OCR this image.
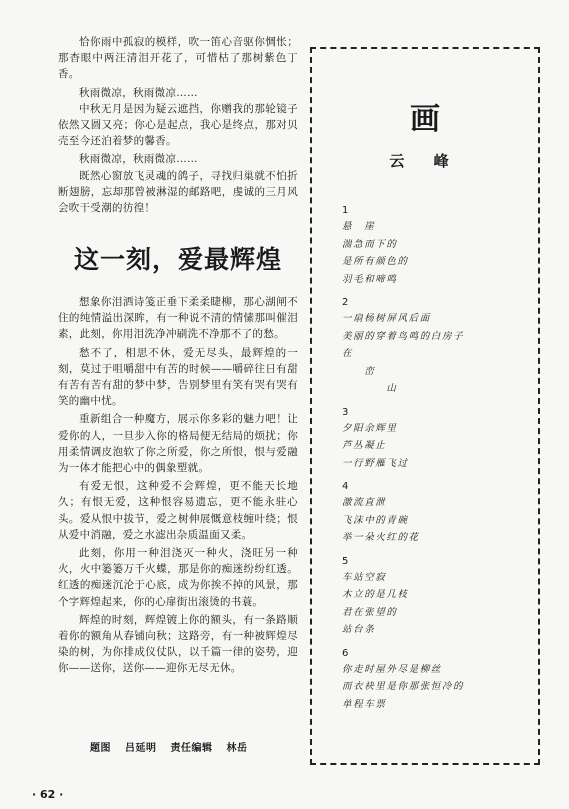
恰你雨中孤寂的模样，吹一笛心音驱你惆怅；那杳眼中两汪清泪开花了，可惜枯了那树紫色丁香。

秋雨微凉，秋雨微凉……

中秋无月是因为疑云遮挡，你赠我的那轮镜子依然又圆又亮；你心是起点，我心是终点，那对贝壳至今还泊着梦的馨香。

秋雨微凉，秋雨微凉……

既然心窗放飞灵魂的鸽子，寻找归巢就不怕折断翅膀，忘却那曾被淋湿的邮路吧，虔诚的三月风会吹干受潮的彷徨！

这一刻，爱最辉煌

想象你泪洒诗笺正垂下柔柔睫柳，那心湖闸不住的纯情溢出深眸，有一种说不清的情愫那叫催泪素，此刻，你用泪洗净冲刷洗不净那不了的愁。

愁不了，相思不休，爱无尽头，最辉煌的一刻，莫过于咀嚼甜中有苦的时候——嚼碎往日有甜有苦有苦有甜的梦中梦，告别梦里有笑有哭有哭有笑的幽中忧。

重新组合一种魔方，展示你多彩的魅力吧！让爱你的人，一旦步入你的格局便无结局的烦扰；你用柔情调皮泡软了你之所爱，你之所恨，恨与爱融为一体才能把心中的偶象塑就。

有爱无恨，这种爱不会辉煌，更不能天长地久；有恨无爱，这种恨容易遗忘，更不能永驻心头。爱从恨中拔节，爱之树伸展慨意枝缠叶绕；恨从爱中消融，爱之水滤出杂质温面又柔。

此刻，你用一种泪浇灭一种火，浇旺另一种火，火中篓篓万千火蝶，那是你的痴迷纷纷红透。红透的痴迷沉沦于心底，成为你挨不掉的风景，那个字辉煌起来，你的心扉街出滚烫的书蓑。

辉煌的时刻，辉煌镀上你的额头，有一条路顺着你的额角从春铺向秋；这路旁，有一种被辉煌尽染的树，为你排成仪仗队，以千篇一律的姿势，迎你——送你，送你——迎你无尽无休。

题图 吕延明 责任编辑 林岳
· 62 ·
画
云 峰
1
悬　崖
湍急而下的
是所有颜色的
羽毛和啼鸣
2
一扇杨树屏风后面
美丽的穿着鸟鸣的白房子
在
　　峦
　　　　山
3
夕阳余辉里
芦丛凝止
一行野雁飞过
4
激流直泄
飞沫中的青碗
举一朵火红的花
5
车站空寂
木立的是几枝
君在张望的
站台条
6
你走时屋外尽是柳丝
而衣袂里是你那张恒冷的
单程车票
